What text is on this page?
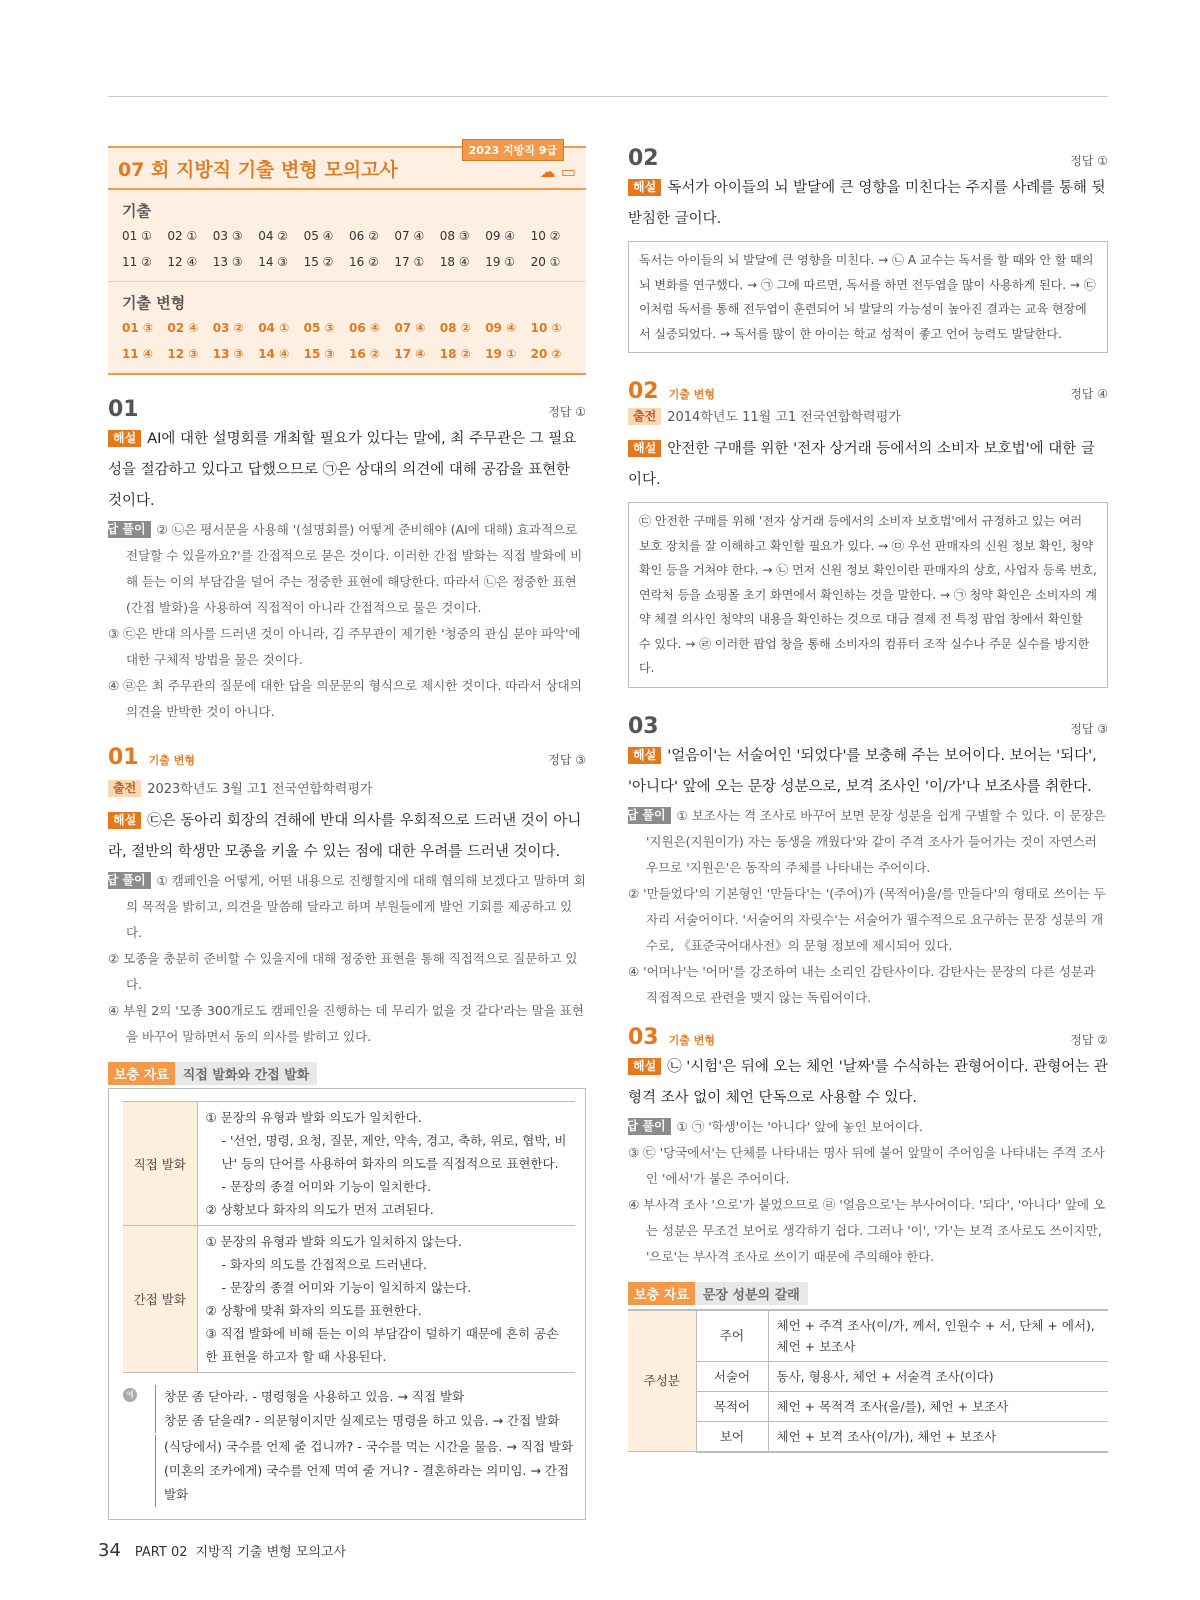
07 회 지방직 기출 변형 모의고사
2023 지방직 9급
☁ ▭
기출
01 ①	02 ①	03 ③	04 ②	05 ④	06 ②	07 ④	08 ③	09 ④	10 ②
11 ②	12 ④	13 ③	14 ③	15 ②	16 ②	17 ①	18 ④	19 ①	20 ①
기출 변형
01 ③	02 ④	03 ②	04 ①	05 ③	06 ④	07 ④	08 ②	09 ④	10 ①
11 ④	12 ③	13 ③	14 ④	15 ③	16 ②	17 ④	18 ②	19 ①	20 ②
01	정답 ①
해설 AI에 대한 설명회를 개최할 필요가 있다는 말에, 최 주무관은 그 필요성을 절감하고 있다고 답했으므로 ㉠은 상대의 의견에 대해 공감을 표현한 것이다.
오답 풀이 ② ㉡은 평서문을 사용해 '(설명회를) 어떻게 준비해야 (AI에 대해) 효과적으로 전달할 수 있을까요?'를 간접적으로 묻은 것이다. 이러한 간접 발화는 직접 발화에 비해 듣는 이의 부담감을 덜어 주는 정중한 표현에 해당한다. 따라서 ㉡은 정중한 표현(간접 발화)을 사용하여 직접적이 아니라 간접적으로 물은 것이다.
③ ㉢은 반대 의사를 드러낸 것이 아니라, 김 주무관이 제기한 '청중의 관심 분야 파악'에 대한 구체적 방법을 물은 것이다.
④ ㉣은 최 주무관의 질문에 대한 답을 의문문의 형식으로 제시한 것이다. 따라서 상대의 의견을 반박한 것이 아니다.
01 기출 변형	정답 ③
출전 2023학년도 3월 고1 전국연합학력평가
해설 ㉢은 동아리 회장의 견해에 반대 의사를 우회적으로 드러낸 것이 아니라, 절반의 학생만 모종을 키울 수 있는 점에 대한 우려를 드러낸 것이다.
오답 풀이 ① 캠페인을 어떻게, 어떤 내용으로 진행할지에 대해 협의해 보겠다고 말하며 회의 목적을 밝히고, 의견을 말씀해 달라고 하며 부원들에게 발언 기회를 제공하고 있다.
② 모종을 충분히 준비할 수 있을지에 대해 정중한 표현을 통해 직접적으로 질문하고 있다.
④ 부원 2의 '모종 300개로도 캠페인을 진행하는 데 무리가 없을 것 같다'라는 말을 표현을 바꾸어 말하면서 동의 의사를 밝히고 있다.
보충 자료	직접 발화와 간접 발화
직접 발화	① 문장의 유형과 발화 의도가 일치한다.
- '선언, 명령, 요청, 질문, 제안, 약속, 경고, 축하, 위로, 협박, 비난' 등의 단어를 사용하여 화자의 의도를 직접적으로 표현한다.
- 문장의 종결 어미와 기능이 일치한다.
② 상황보다 화자의 의도가 먼저 고려된다.

간접 발화	① 문장의 유형과 발화 의도가 일치하지 않는다.
- 화자의 의도를 간접적으로 드러낸다.
- 문장의 종결 어미와 기능이 일치하지 않는다.
② 상황에 맞춰 화자의 의도를 표현한다.
③ 직접 발화에 비해 듣는 이의 부담감이 덜하기 때문에 흔히 공손한 표현을 하고자 할 때 사용된다.
예 창문 좀 닫아라. - 명령형을 사용하고 있음. → 직접 발화
창문 좀 닫을래? - 의문형이지만 실제로는 명령을 하고 있음. → 간접 발화
(식당에서) 국수를 언제 줄 겁니까? - 국수를 먹는 시간을 물음. → 직접 발화
(미혼의 조카에게) 국수를 언제 먹여 줄 거니? - 결혼하라는 의미임. → 간접 발화
02	정답 ①
해설 독서가 아이들의 뇌 발달에 큰 영향을 미친다는 주지를 사례를 통해 뒷받침한 글이다.
독서는 아이들의 뇌 발달에 큰 영향을 미친다. → ㉡ A 교수는 독서를 할 때와 안 할 때의 뇌 변화를 연구했다. → ㉠ 그에 따르면, 독서를 하면 전두엽을 많이 사용하게 된다. → ㉢ 이처럼 독서를 통해 전두엽이 훈련되어 뇌 발달의 가능성이 높아진 결과는 교육 현장에서 실증되었다. → 독서를 많이 한 아이는 학교 성적이 좋고 언어 능력도 발달한다.
02 기출 변형	정답 ④
출전 2014학년도 11월 고1 전국연합학력평가
해설 안전한 구매를 위한 '전자 상거래 등에서의 소비자 보호법'에 대한 글이다.
㉢ 안전한 구매를 위해 '전자 상거래 등에서의 소비자 보호법'에서 규정하고 있는 여러 보호 장치를 잘 이해하고 확인할 필요가 있다. → ㉤ 우선 판매자의 신원 정보 확인, 청약 확인 등을 거쳐야 한다. → ㉡ 먼저 신원 정보 확인이란 판매자의 상호, 사업자 등록 번호, 연락처 등을 쇼핑몰 초기 화면에서 확인하는 것을 말한다. → ㉠ 청약 확인은 소비자의 계약 체결 의사인 청약의 내용을 확인하는 것으로 대금 결제 전 특정 팝업 창에서 확인할 수 있다. → ㉣ 이러한 팝업 창을 통해 소비자의 컴퓨터 조작 실수나 주문 실수를 방지한다.
03	정답 ③
해설 '얼음이'는 서술어인 '되었다'를 보충해 주는 보어이다. 보어는 '되다', '아니다' 앞에 오는 문장 성분으로, 보격 조사인 '이/가'나 보조사를 취한다.
오답 풀이 ① 보조사는 격 조사로 바꾸어 보면 문장 성분을 쉽게 구별할 수 있다. 이 문장은 '지원은(지원이가) 자는 동생을 깨웠다'와 같이 주격 조사가 들어가는 것이 자연스러우므로 '지원은'은 동작의 주체를 나타내는 주어이다.
② '만들었다'의 기본형인 '만들다'는 '(주어)가 (목적어)을/를 만들다'의 형태로 쓰이는 두 자리 서술어이다. '서술어의 자릿수'는 서술어가 필수적으로 요구하는 문장 성분의 개수로, 《표준국어대사전》의 문형 정보에 제시되어 있다.
④ '어머나'는 '어머'를 강조하여 내는 소리인 감탄사이다. 감탄사는 문장의 다른 성분과 직접적으로 관련을 맺지 않는 독립어이다.
03 기출 변형	정답 ②
해설 ㉡ '시험'은 뒤에 오는 체언 '날짜'를 수식하는 관형어이다. 관형어는 관형격 조사 없이 체언 단독으로 사용할 수 있다.
오답 풀이 ① ㉠ '학생'이는 '아니다' 앞에 놓인 보어이다.
③ ㉢ '당국에서'는 단체를 나타내는 명사 뒤에 붙어 앞말이 주어임을 나타내는 주격 조사인 '에서'가 붙은 주어이다.
④ 부사격 조사 '으로'가 붙었으므로 ㉣ '얼음으로'는 부사어이다. '되다', '아니다' 앞에 오는 성분은 무조건 보어로 생각하기 쉽다. 그러나 '이', '가'는 보격 조사로도 쓰이지만, '으로'는 부사격 조사로 쓰이기 때문에 주의해야 한다.
보충 자료	문장 성분의 갈래
주성분	주어	체언 + 주격 조사(이/가, 께서, 인원수 + 서, 단체 + 에서), 체언 + 보조사
	서술어	동사, 형용사, 체언 + 서술격 조사(이다)
	목적어	체언 + 목적격 조사(을/를), 체언 + 보조사
	보어	체언 + 보격 조사(이/가), 체언 + 보조사
34 PART 02 지방직 기출 변형 모의고사
